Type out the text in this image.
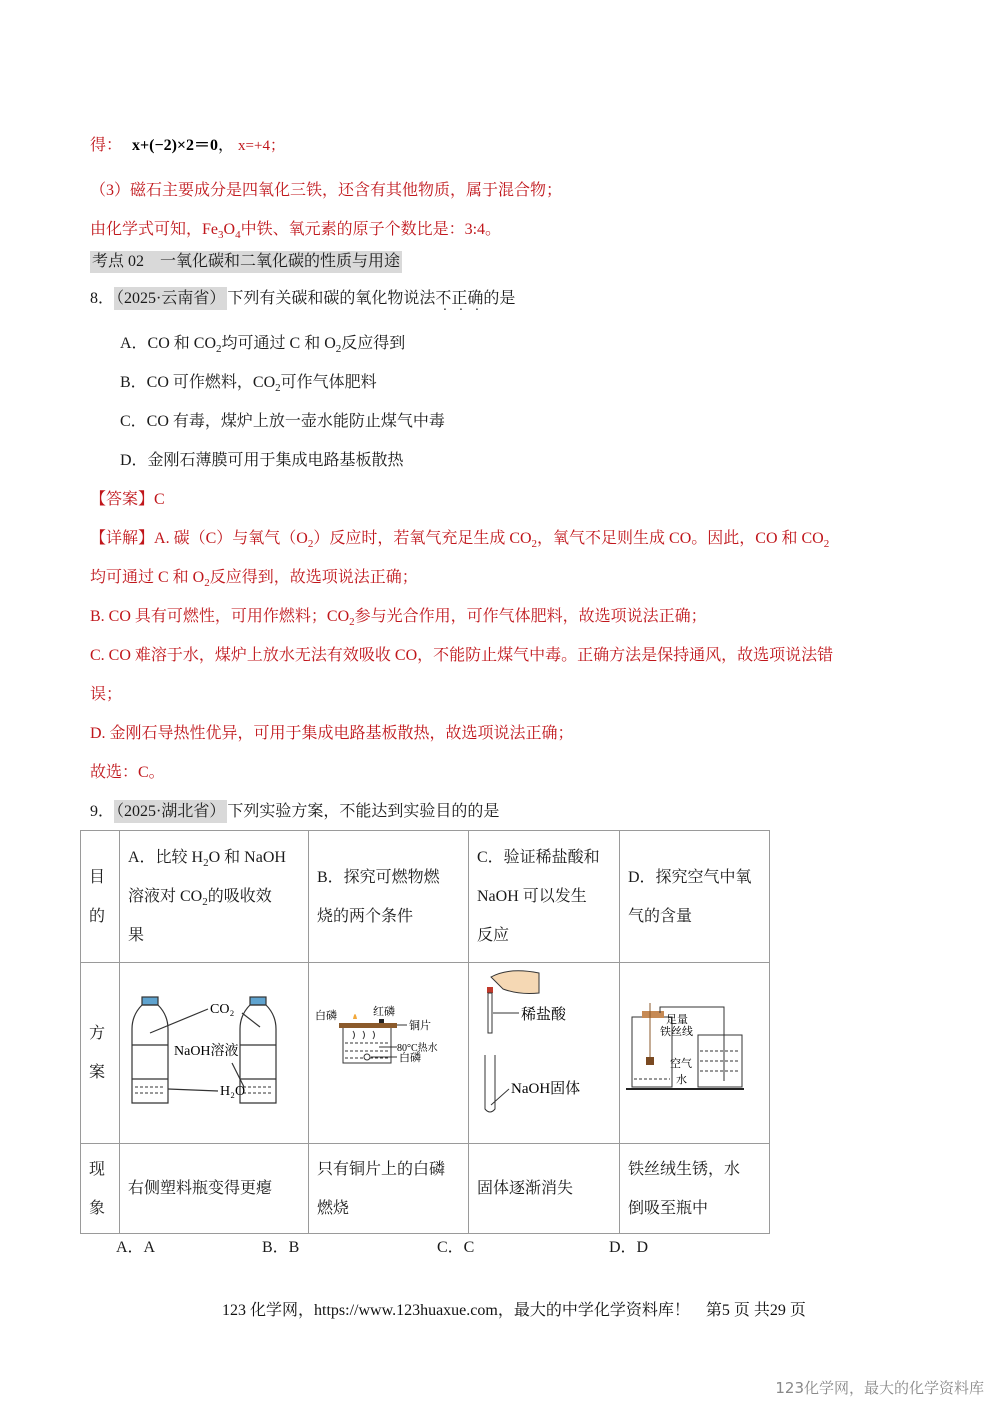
得： x+(−2)×2＝0， x=+4；
（3）磁石主要成分是四氧化三铁，还含有其他物质，属于混合物；
由化学式可知，$Fe_3O_4$中铁、氧元素的原子个数比是：3:4。
考点 02　一氧化碳和二氧化碳的性质与用途
8． （2025·云南省） 下列有关碳和碳的氧化物说法不正确的是
A．CO 和 $CO_2$均可通过 C 和 $O_2$反应得到
B．CO 可作燃料，$CO_2$可作气体肥料
C．CO 有毒，煤炉上放一壶水能防止煤气中毒
D．金刚石薄膜可用于集成电路基板散热
【答案】C
【详解】A. 碳（C）与氧气$(O_2)$反应时，若氧气充足生成 $CO_2$，氧气不足则生成 CO。因此，CO 和 $CO_2$
均可通过 C 和 $O_2$反应得到，故选项说法正确；
B. CO 具有可燃性，可用作燃料；$CO_2$参与光合作用，可作气体肥料，故选项说法正确；
C. CO 难溶于水，煤炉上放水无法有效吸收 CO，不能防止煤气中毒。正确方法是保持通风，故选项说法错
误；
D. 金刚石导热性优异，可用于集成电路基板散热，故选项说法正确；
故选：C。
9． （2025·湖北省） 下列实验方案，不能达到实验目的的是
目
的	A．比较 $H_2O$ 和 NaOH
溶液对 $CO_2$的吸收效
果	B．探究可燃物燃
烧的两个条件	C．验证稀盐酸和
NaOH 可以发生
反应	D．探究空气中氧
气的含量
方
案	CO₂
NaOH溶液
H₂O	白磷 红磷
铜片
80°C热水
白磷	稀盐酸
NaOH固体	足量
铁丝线
空气
水

现
象	右侧塑料瓶变得更瘪	只有铜片上的白磷
燃烧	固体逐渐消失	铁丝绒生锈，水
倒吸至瓶中
A．A	B．B	C．C	D．D
123 化学网，https://www.123huaxue.com，最大的中学化学资料库！　第5 页 共29 页
123化学网，最大的化学资料库
